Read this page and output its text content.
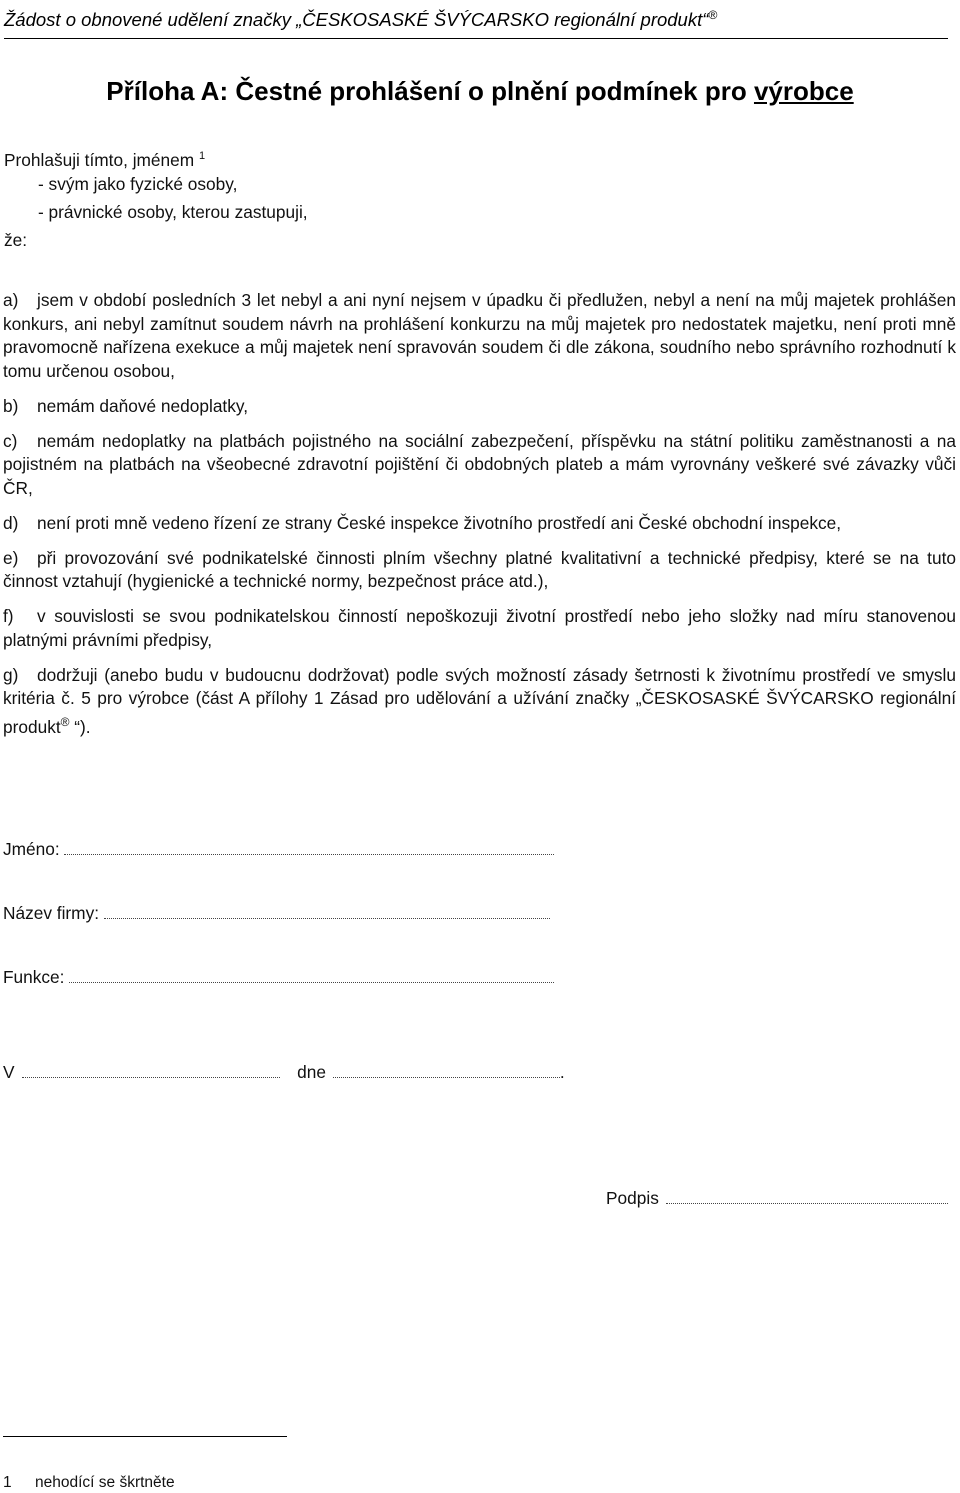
Žádost o obnovené udělení značky „ČESKOSASKÉ ŠVÝCARSKO regionální produkt“®
Příloha A: Čestné prohlášení o plnění podmínek pro výrobce
Prohlašuji tímto, jménem $^1$
- svým jako fyzické osoby,
- právnické osoby, kterou zastupuji,
že:

a) jsem v období posledních 3 let nebyl a ani nyní nejsem v úpadku či předlužen, nebyl a není na můj majetek prohlášen konkurs, ani nebyl zamítnut soudem návrh na prohlášení konkurzu na můj majetek pro nedostatek majetku, není proti mně pravomocně nařízena exekuce a můj majetek není spravován soudem či dle zákona, soudního nebo správního rozhodnutí k tomu určenou osobou,

b) nemám daňové nedoplatky,

c) nemám nedoplatky na platbách pojistného na sociální zabezpečení, příspěvku na státní politiku zaměstnanosti a na pojistném na platbách na všeobecné zdravotní pojištění či obdobných plateb a mám vyrovnány veškeré své závazky vůči ČR,

d) není proti mně vedeno řízení ze strany České inspekce životního prostředí ani České obchodní inspekce,

e) při provozování své podnikatelské činnosti plním všechny platné kvalitativní a technické předpisy, které se na tuto činnost vztahují (hygienické a technické normy, bezpečnost práce atd.),

f) v souvislosti se svou podnikatelskou činností nepoškozuji životní prostředí nebo jeho složky nad míru stanovenou platnými právními předpisy,

g) dodržuji (anebo budu v budoucnu dodržovat) podle svých možností zásady šetrnosti k životnímu prostředí ve smyslu kritéria č. 5 pro výrobce (část A přílohy 1 Zásad pro udělování a užívání značky „ČESKOSASKÉ ŠVÝCARSKO regionální produkt® “).

Jméno:
Název firmy:
Funkce:
V	dne	.
Podpis
1 nehodící se škrtněte
